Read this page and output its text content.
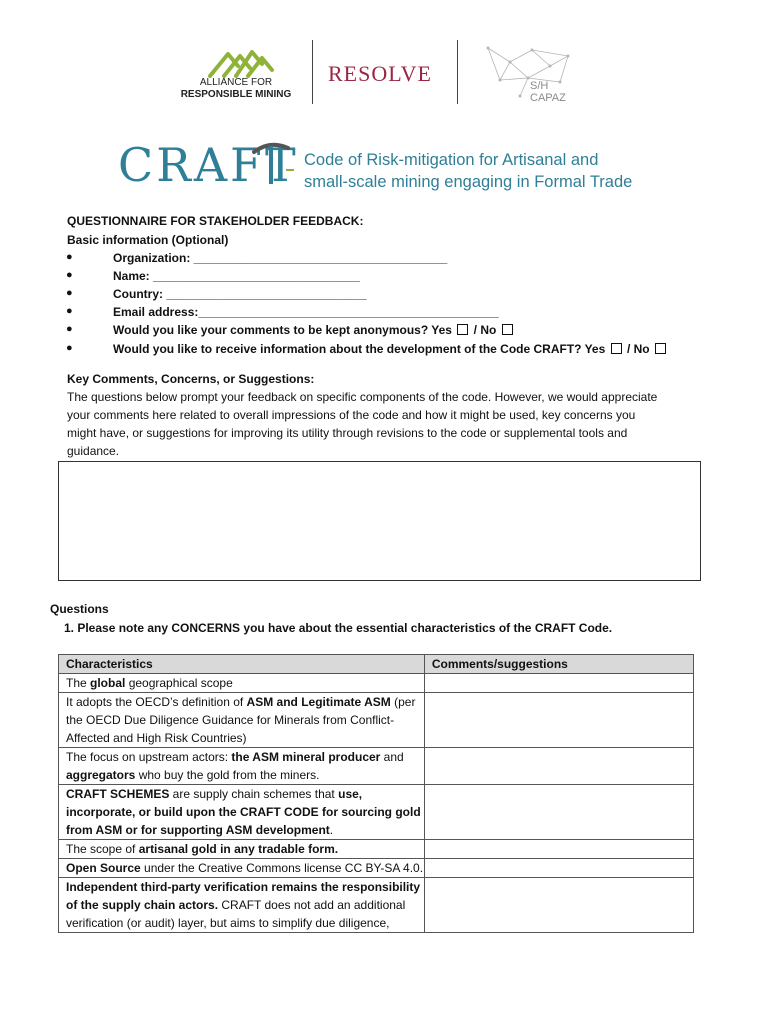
ALLIANCE FOR
RESPONSIBLE MINING
RESOLVE	S/H
CAPAZ
CRAFT Code of Risk-mitigation for Artisanal and
small-scale mining engaging in Formal Trade
QUESTIONNAIRE FOR STAKEHOLDER FEEDBACK:
Basic information (Optional)
●	Organization: ______________________________________
●	Name: _______________________________
●	Country: ______________________________
●	Email address:_____________________________________________
●	Would you like your comments to be kept anonymous? Yes / No
●	Would you like to receive information about the development of the Code CRAFT? Yes / No
Key Comments, Concerns, or Suggestions:
The questions below prompt your feedback on specific components of the code. However, we would appreciate
your comments here related to overall impressions of the code and how it might be used, key concerns you
might have, or suggestions for improving its utility through revisions to the code or supplemental tools and
guidance.
Questions
1. Please note any CONCERNS you have about the essential characteristics of the CRAFT Code.
Characteristics	Comments/suggestions
The global geographical scope	
It adopts the OECD’s definition of ASM and Legitimate ASM (per
the OECD Due Diligence Guidance for Minerals from Conflict-
Affected and High Risk Countries)	
The focus on upstream actors: the ASM mineral producer and
aggregators who buy the gold from the miners.	
CRAFT SCHEMES are supply chain schemes that use,
incorporate, or build upon the CRAFT CODE for sourcing gold
from ASM or for supporting ASM development.	
The scope of artisanal gold in any tradable form.	
Open Source under the Creative Commons license CC BY-SA 4.0.	
Independent third-party verification remains the responsibility
of the supply chain actors. CRAFT does not add an additional
verification (or audit) layer, but aims to simplify due diligence,	
